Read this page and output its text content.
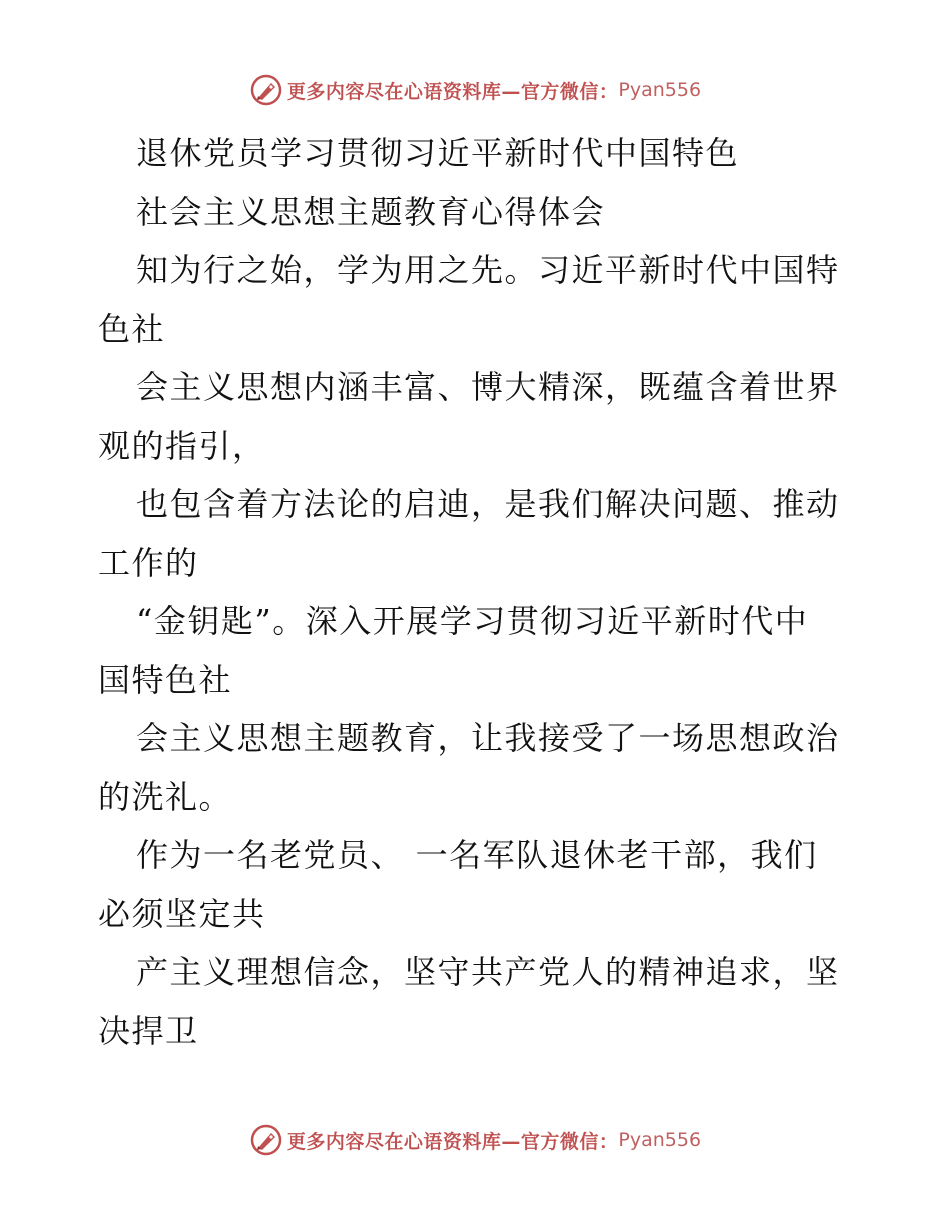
更多内容尽在心语资料库—官方微信： Pyan556
退休党员学习贯彻习近平新时代中国特色
社会主义思想主题教育心得体会
知为行之始，学为用之先。习近平新时代中国特
色社
会主义思想内涵丰富、博大精深，既蕴含着世界
观的指引，
也包含着方法论的启迪，是我们解决问题、推动
工作的
“金钥匙”。深入开展学习贯彻习近平新时代中
国特色社
会主义思想主题教育，让我接受了一场思想政治
的洗礼。
作为一名老党员、 一名军队退休老干部，我们
必须坚定共
产主义理想信念，坚守共产党人的精神追求，坚
决捍卫
更多内容尽在心语资料库—官方微信： Pyan556
